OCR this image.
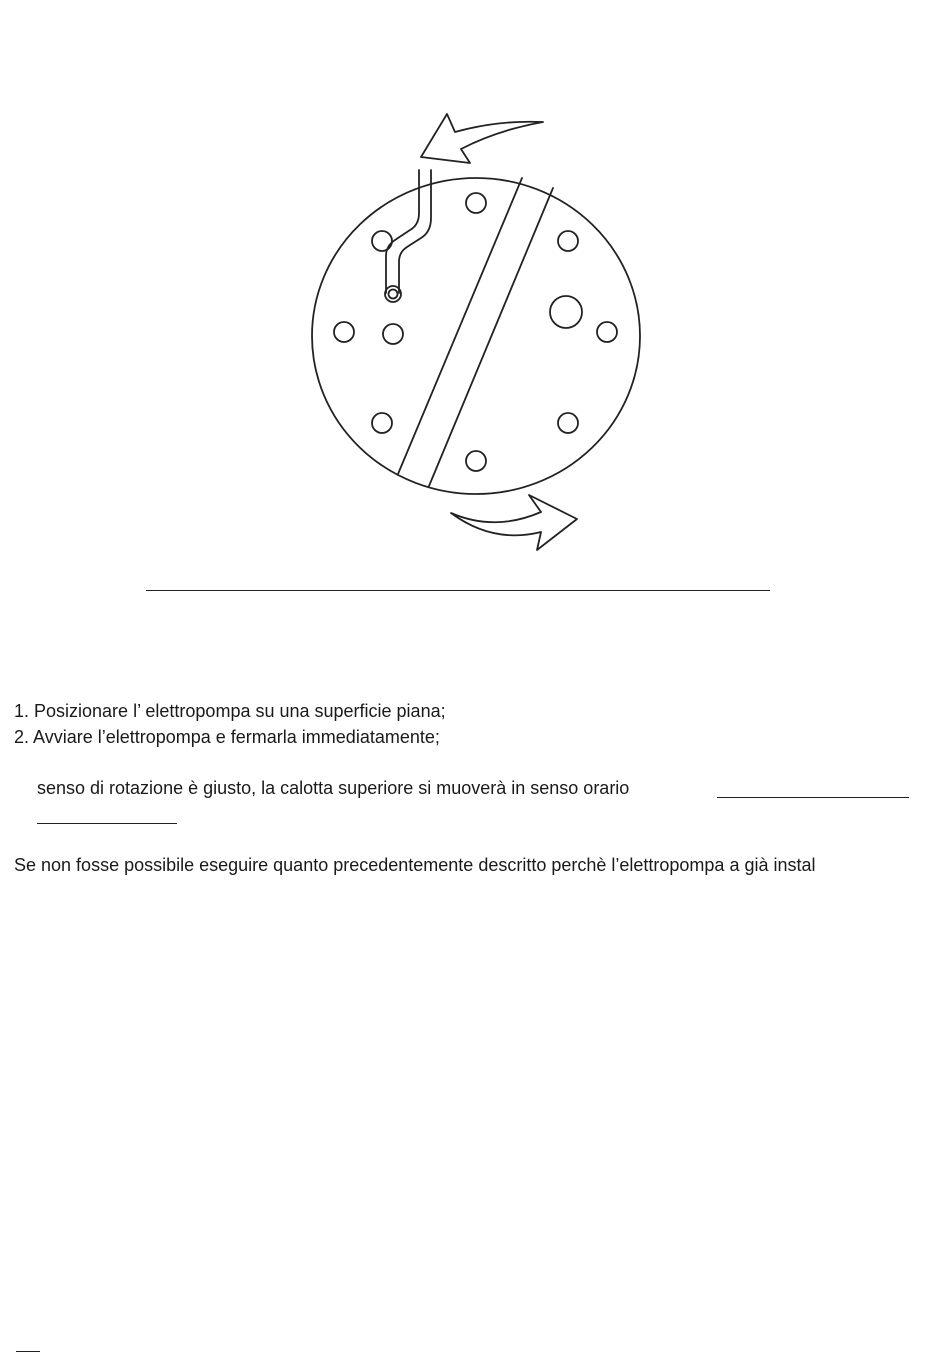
1. Posizionare l’ elettropompa su una superficie piana;
2. Avviare l’elettropompa e fermarla immediatamente;
senso di rotazione è giusto, la calotta superiore si muoverà in senso orario
Se non fosse possibile eseguire quanto precedentemente descritto perchè l’elettropompa a già instal
